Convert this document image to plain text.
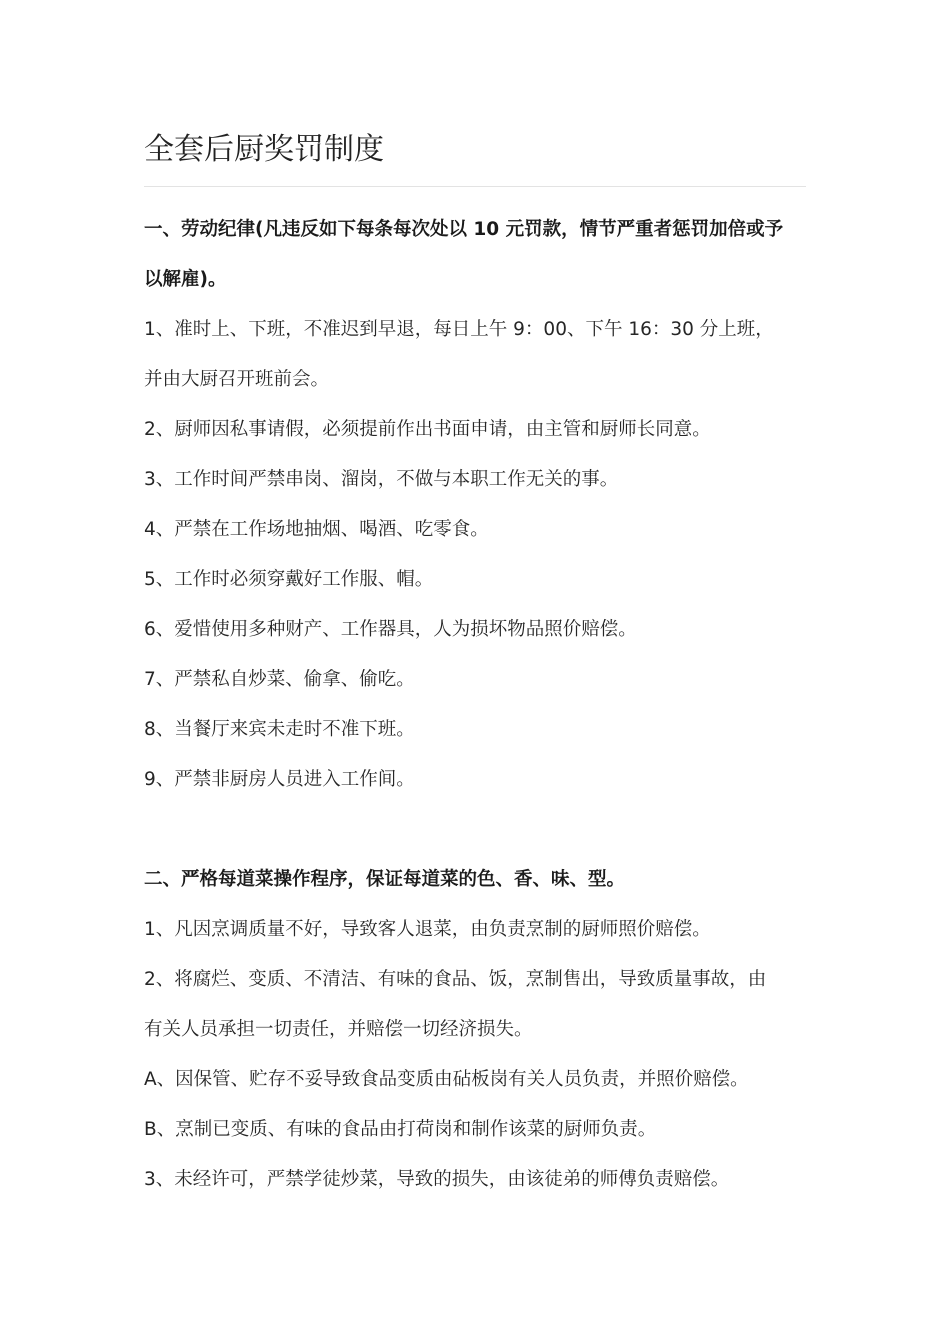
全套后厨奖罚制度
一、劳动纪律(凡违反如下每条每次处以 10 元罚款，情节严重者惩罚加倍或予
以解雇)。
1、准时上、下班，不准迟到早退，每日上午 9：00、下午 16：30 分上班，
并由大厨召开班前会。
2、厨师因私事请假，必须提前作出书面申请，由主管和厨师长同意。
3、工作时间严禁串岗、溜岗，不做与本职工作无关的事。
4、严禁在工作场地抽烟、喝酒、吃零食。
5、工作时必须穿戴好工作服、帽。
6、爱惜使用多种财产、工作器具，人为损坏物品照价赔偿。
7、严禁私自炒菜、偷拿、偷吃。
8、当餐厅来宾未走时不准下班。
9、严禁非厨房人员进入工作间。
二、严格每道菜操作程序，保证每道菜的色、香、味、型。
1、凡因烹调质量不好，导致客人退菜，由负责烹制的厨师照价赔偿。
2、将腐烂、变质、不清洁、有味的食品、饭，烹制售出，导致质量事故，由
有关人员承担一切责任，并赔偿一切经济损失。
A、因保管、贮存不妥导致食品变质由砧板岗有关人员负责，并照价赔偿。
B、烹制已变质、有味的食品由打荷岗和制作该菜的厨师负责。
3、未经许可，严禁学徒炒菜，导致的损失，由该徒弟的师傅负责赔偿。
